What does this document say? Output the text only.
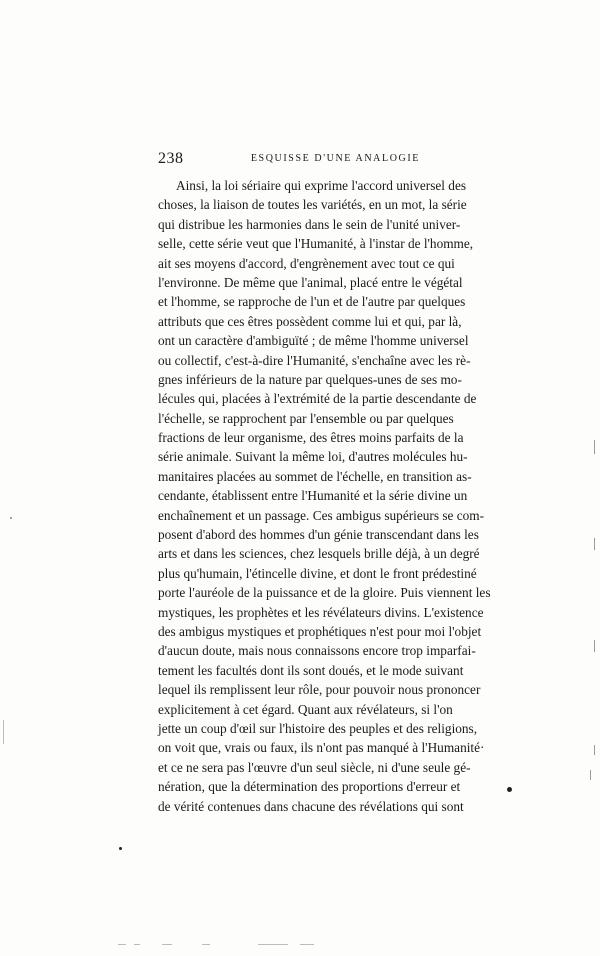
238	ESQUISSE D'UNE ANALOGIE
Ainsi, la loi sériaire qui exprime l'accord universel des
choses, la liaison de toutes les variétés, en un mot, la série
qui distribue les harmonies dans le sein de l'unité univer-
selle, cette série veut que l'Humanité, à l'instar de l'homme,
ait ses moyens d'accord, d'engrènement avec tout ce qui
l'environne. De même que l'animal, placé entre le végétal
et l'homme, se rapproche de l'un et de l'autre par quelques
attributs que ces êtres possèdent comme lui et qui, par là,
ont un caractère d'ambiguïté ; de même l'homme universel
ou collectif, c'est-à-dire l'Humanité, s'enchaîne avec les rè-
gnes inférieurs de la nature par quelques-unes de ses mo-
lécules qui, placées à l'extrémité de la partie descendante de
l'échelle, se rapprochent par l'ensemble ou par quelques
fractions de leur organisme, des êtres moins parfaits de la
série animale. Suivant la même loi, d'autres molécules hu-
manitaires placées au sommet de l'échelle, en transition as-
cendante, établissent entre l'Humanité et la série divine un
enchaînement et un passage. Ces ambigus supérieurs se com-
posent d'abord des hommes d'un génie transcendant dans les
arts et dans les sciences, chez lesquels brille déjà, à un degré
plus qu'humain, l'étincelle divine, et dont le front prédestiné
porte l'auréole de la puissance et de la gloire. Puis viennent les
mystiques, les prophètes et les révélateurs divins. L'existence
des ambigus mystiques et prophétiques n'est pour moi l'objet
d'aucun doute, mais nous connaissons encore trop imparfai-
tement les facultés dont ils sont doués, et le mode suivant
lequel ils remplissent leur rôle, pour pouvoir nous prononcer
explicitement à cet égard. Quant aux révélateurs, si l'on
jette un coup d'œil sur l'histoire des peuples et des religions,
on voit que, vrais ou faux, ils n'ont pas manqué à l'Humanité·
et ce ne sera pas l'œuvre d'un seul siècle, ni d'une seule gé-
nération, que la détermination des proportions d'erreur et
de vérité contenues dans chacune des révélations qui sont
